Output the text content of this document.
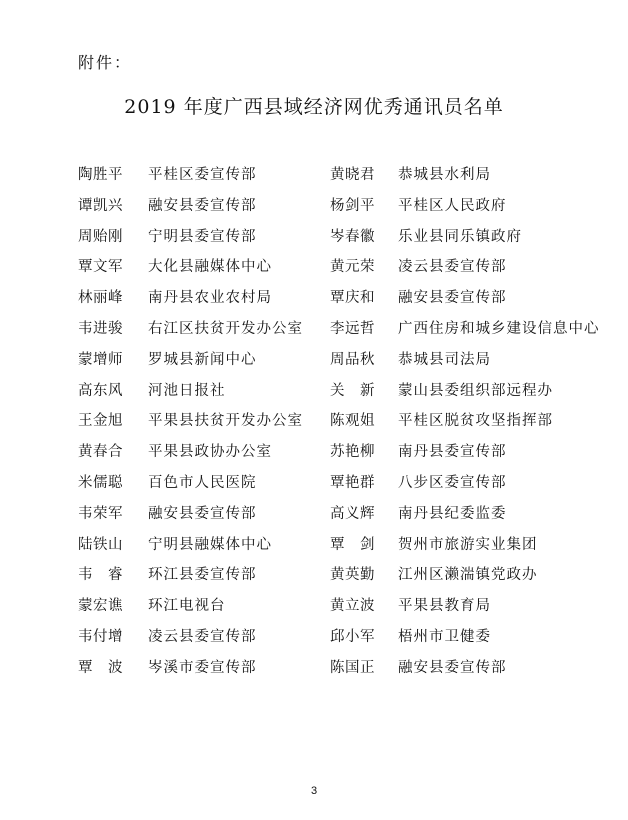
附件：
2019 年度广西县域经济网优秀通讯员名单
陶胜平 平桂区委宣传部	黄晓君 恭城县水利局
谭凯兴 融安县委宣传部	杨剑平 平桂区人民政府
周贻刚 宁明县委宣传部	岑春徽 乐业县同乐镇政府
覃文军 大化县融媒体中心	黄元荣 凌云县委宣传部
林丽峰 南丹县农业农村局	覃庆和 融安县委宣传部
韦进骏 右江区扶贫开发办公室 李远哲 广西住房和城乡建设信息中心
蒙增师 罗城县新闻中心	周品秋 恭城县司法局
高东风 河池日报社	关　新 蒙山县委组织部远程办
王金旭 平果县扶贫开发办公室 陈观姐 平桂区脱贫攻坚指挥部
黄春合 平果县政协办公室	苏艳柳 南丹县委宣传部
米儒聪 百色市人民医院	覃艳群 八步区委宣传部
韦荣军 融安县委宣传部	高义辉 南丹县纪委监委
陆铁山 宁明县融媒体中心	覃　剑 贺州市旅游实业集团
韦　睿 环江县委宣传部	黄英勤 江州区濑湍镇党政办
蒙宏谯 环江电视台	黄立波 平果县教育局
韦付增 凌云县委宣传部	邱小军 梧州市卫健委
覃　波 岑溪市委宣传部	陈国正 融安县委宣传部
3
